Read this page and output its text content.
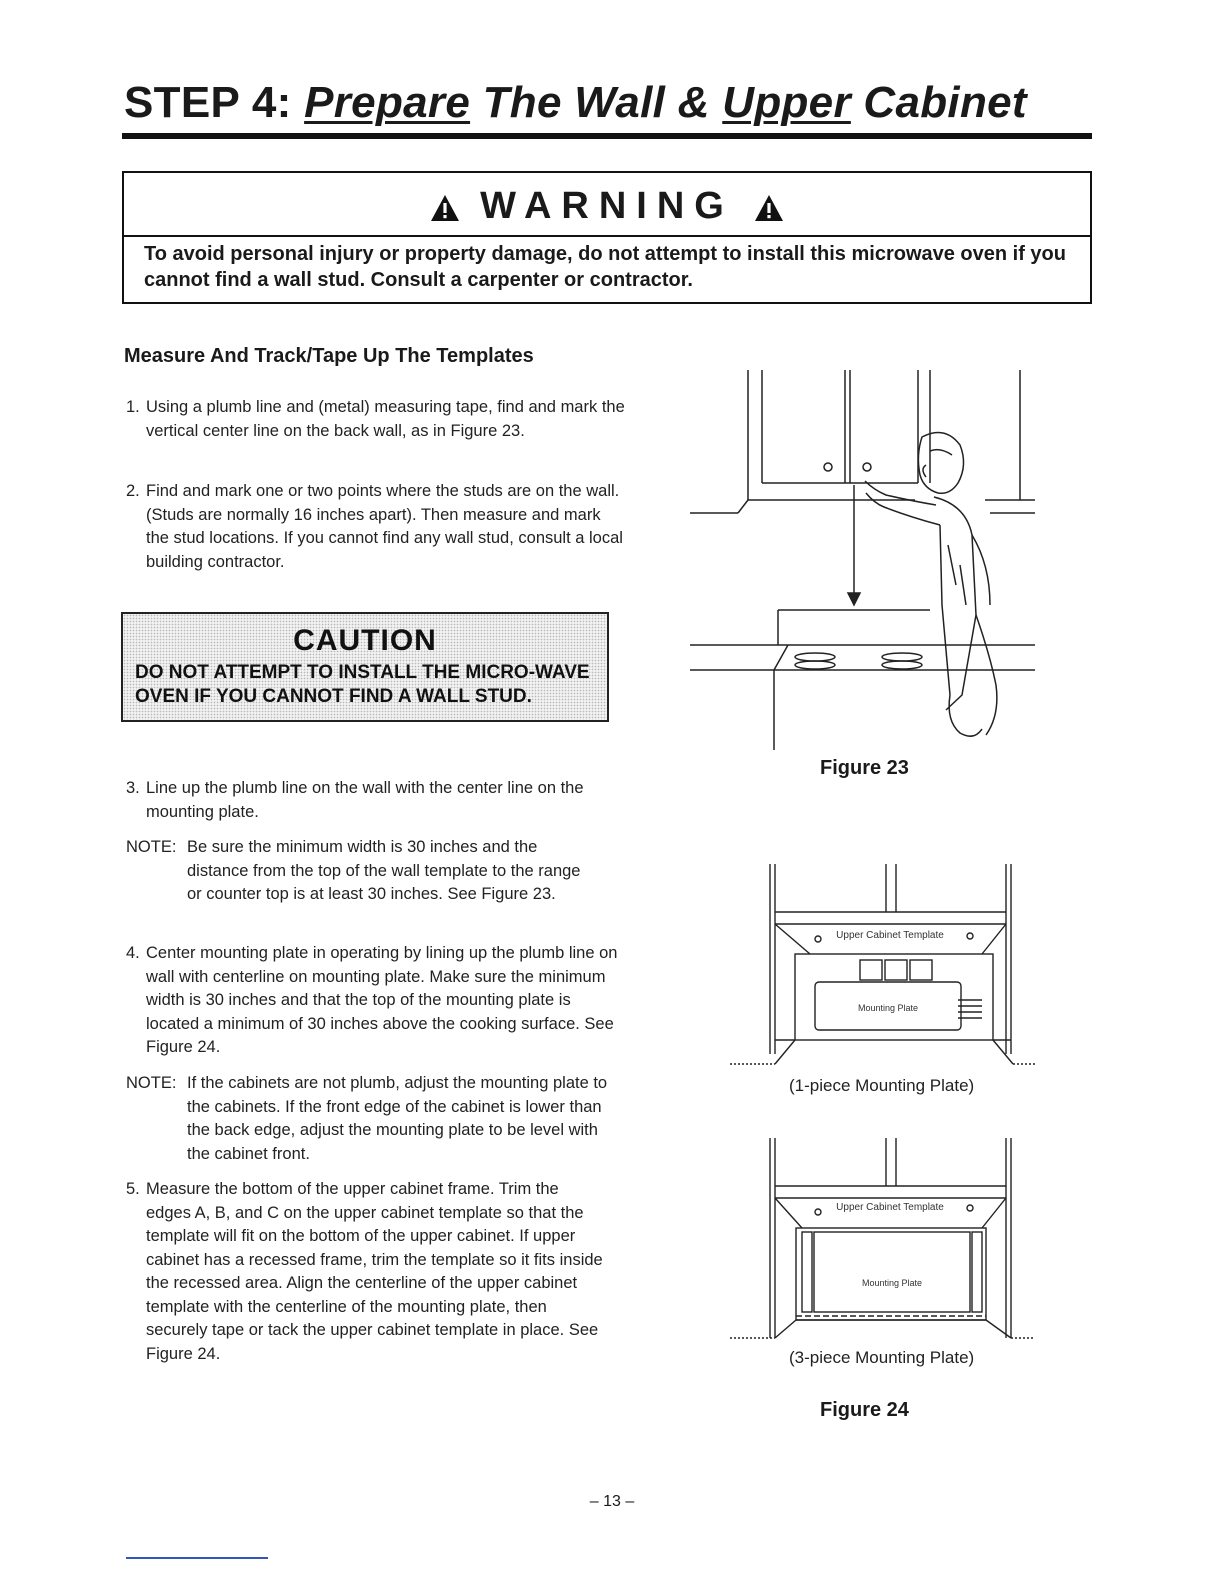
STEP 4: Prepare The Wall & Upper Cabinet
WARNING
To avoid personal injury or property damage, do not attempt to install this microwave oven if you cannot find a wall stud. Consult a carpenter or contractor.
Measure And Track/Tape Up The Templates
1. Using a plumb line and (metal) measuring tape, find and mark the vertical center line on the back wall, as in Figure 23.
2. Find and mark one or two points where the studs are on the wall. (Studs are normally 16 inches apart). Then measure and mark the stud locations. If you cannot find any wall stud, consult a local building contractor.
CAUTION
DO NOT ATTEMPT TO INSTALL THE MICRO-WAVE OVEN IF YOU CANNOT FIND A WALL STUD.
3. Line up the plumb line on the wall with the center line on the mounting plate.
NOTE: Be sure the minimum width is 30 inches and the distance from the top of the wall template to the range or counter top is at least 30 inches. See Figure 23.
4. Center mounting plate in operating by lining up the plumb line on wall with centerline on mounting plate. Make sure the minimum width is 30 inches and that the top of the mounting plate is located a minimum of 30 inches above the cooking surface. See Figure 24.
NOTE: If the cabinets are not plumb, adjust the mounting plate to the cabinets. If the front edge of the cabinet is lower than the back edge, adjust the mounting plate to be level with the cabinet front.
5. Measure the bottom of the upper cabinet frame. Trim the edges A, B, and C on the upper cabinet template so that the template will fit on the bottom of the upper cabinet. If upper cabinet has a recessed frame, trim the template so it fits inside the recessed area. Align the centerline of the upper cabinet template with the centerline of the mounting plate, then securely tape or tack the upper cabinet template in place. See Figure 24.
Figure 23
Upper Cabinet Template
Mounting Plate
(1-piece Mounting Plate)
Upper Cabinet Template
Mounting Plate
(3-piece Mounting Plate)
Figure 24
– 13 –
